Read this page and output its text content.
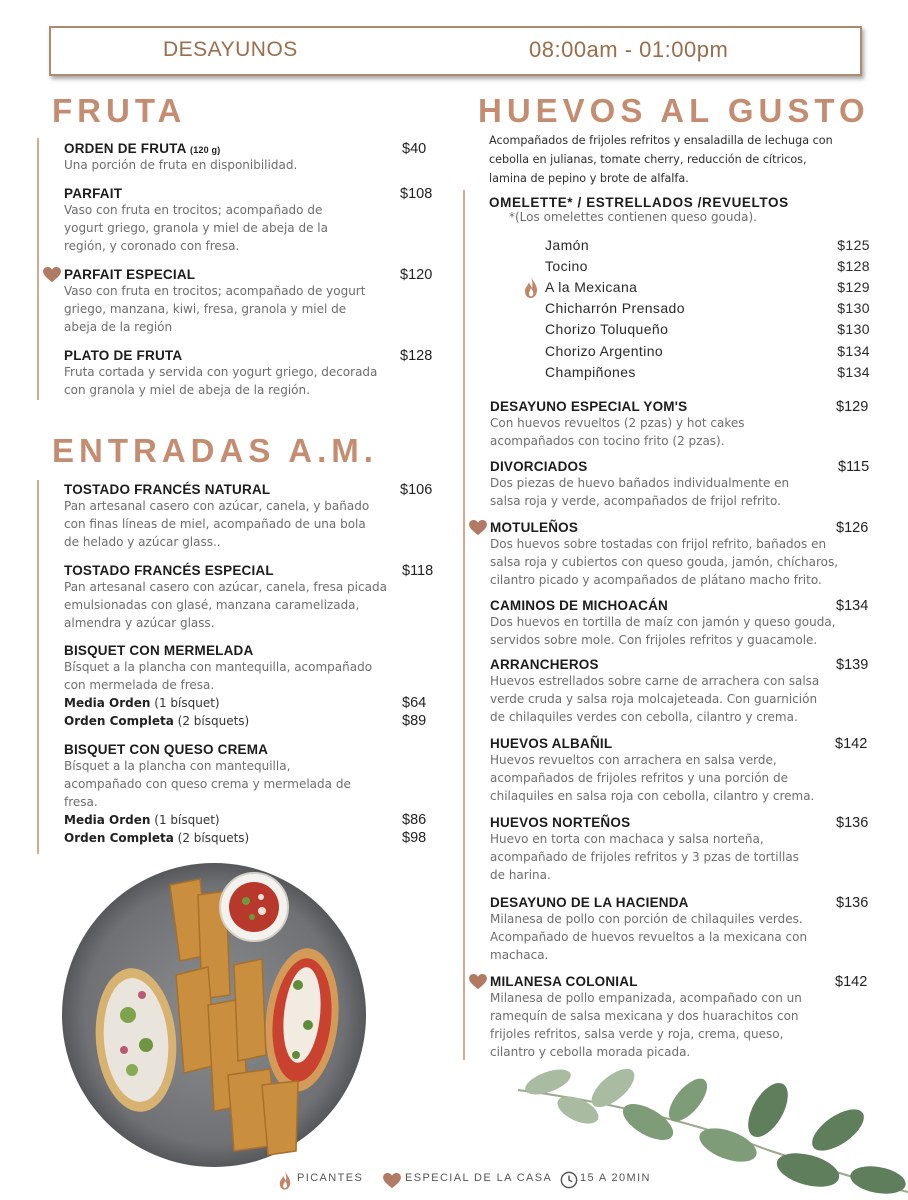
DESAYUNOS	08:00am - 01:00pm
FRUTA
ORDEN DE FRUTA (120 g)	$40
Una porción de fruta en disponibilidad.
PARFAIT	$108
Vaso con fruta en trocitos; acompañado de
yogurt griego, granola y miel de abeja de la
región, y coronado con fresa.
PARFAIT ESPECIAL	$120
Vaso con fruta en trocitos; acompañado de yogurt
griego, manzana, kiwi, fresa, granola y miel de
abeja de la región
PLATO DE FRUTA	$128
Fruta cortada y servida con yogurt griego, decorada
con granola y miel de abeja de la región.
ENTRADAS A.M.
TOSTADO FRANCÉS NATURAL	$106
Pan artesanal casero con azúcar, canela, y bañado
con finas líneas de miel, acompañado de una bola
de helado y azúcar glass..
TOSTADO FRANCÉS ESPECIAL	$118
Pan artesanal casero con azúcar, canela, fresa picada
emulsionadas con glasé, manzana caramelizada,
almendra y azúcar glass.
BISQUET CON MERMELADA
Bísquet a la plancha con mantequilla, acompañado
con mermelada de fresa.
Media Orden (1 bísquet)	$64
Orden Completa (2 bísquets)	$89
BISQUET CON QUESO CREMA
Bísquet a la plancha con mantequilla,
acompañado con queso crema y mermelada de
fresa.
Media Orden (1 bísquet)	$86
Orden Completa (2 bísquets)	$98
HUEVOS AL GUSTO
Acompañados de frijoles refritos y ensaladilla de lechuga con
cebolla en julianas, tomate cherry, reducción de cítricos,
lamina de pepino y brote de alfalfa.
OMELETTE* / ESTRELLADOS /REVUELTOS
*(Los omelettes contienen queso gouda).
Jamón	$125
Tocino	$128
A la Mexicana	$129
Chicharrón Prensado	$130
Chorizo Toluqueño	$130
Chorizo Argentino	$134
Champiñones	$134
DESAYUNO ESPECIAL YOM'S	$129
Con huevos revueltos (2 pzas) y hot cakes
acompañados con tocino frito (2 pzas).
DIVORCIADOS	$115
Dos piezas de huevo bañados individualmente en
salsa roja y verde, acompañados de frijol refrito.
MOTULEÑOS	$126
Dos huevos sobre tostadas con frijol refrito, bañados en
salsa roja y cubiertos con queso gouda, jamón, chícharos,
cilantro picado y acompañados de plátano macho frito.
CAMINOS DE MICHOACÁN	$134
Dos huevos en tortilla de maíz con jamón y queso gouda,
servidos sobre mole. Con frijoles refritos y guacamole.
ARRANCHEROS	$139
Huevos estrellados sobre carne de arrachera con salsa
verde cruda y salsa roja molcajeteada. Con guarnición
de chilaquiles verdes con cebolla, cilantro y crema.
HUEVOS ALBAÑIL	$142
Huevos revueltos con arrachera en salsa verde,
acompañados de frijoles refritos y una porción de
chilaquiles en salsa roja con cebolla, cilantro y crema.
HUEVOS NORTEÑOS	$136
Huevo en torta con machaca y salsa norteña,
acompañado de frijoles refritos y 3 pzas de tortillas
de harina.
DESAYUNO DE LA HACIENDA	$136
Milanesa de pollo con porción de chilaquiles verdes.
Acompañado de huevos revueltos a la mexicana con
machaca.
MILANESA COLONIAL	$142
Milanesa de pollo empanizada, acompañado con un
ramequín de salsa mexicana y dos huarachitos con
frijoles refritos, salsa verde y roja, crema, queso,
cilantro y cebolla morada picada.
PICANTES	ESPECIAL DE LA CASA	15 A 20MIN
